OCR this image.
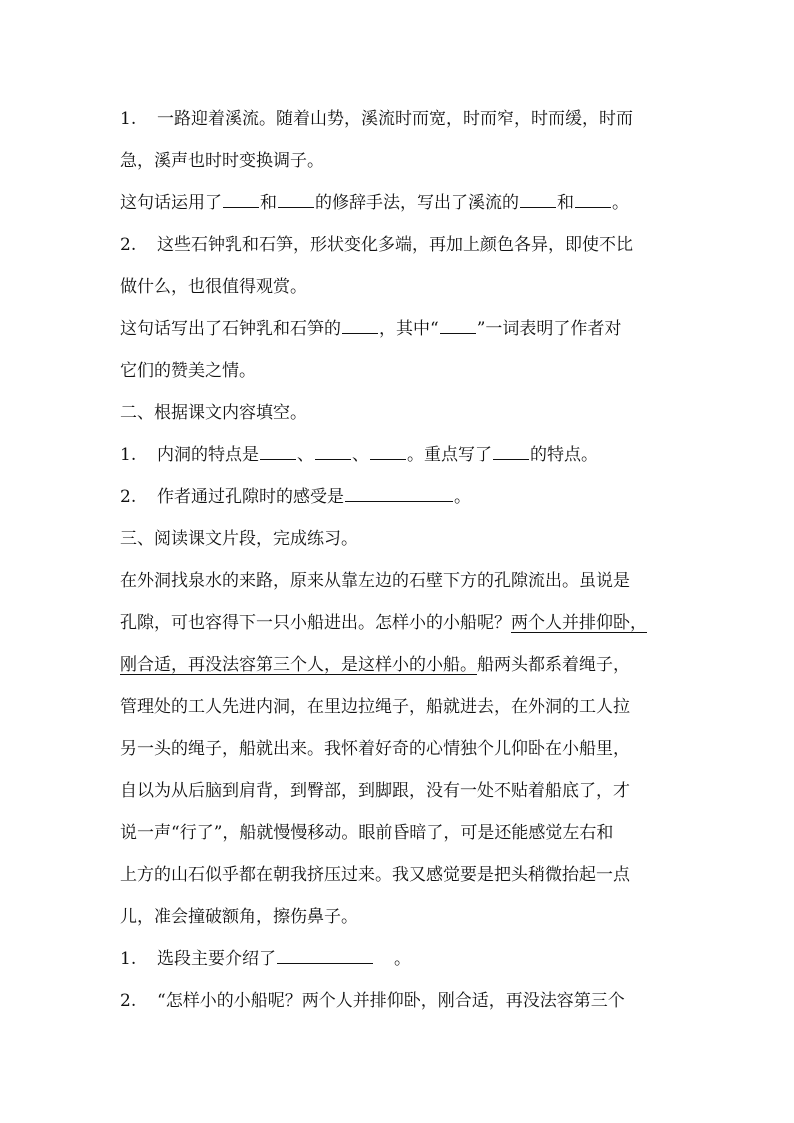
1. 一路迎着溪流。随着山势，溪流时而宽，时而窄，时而缓，时而
急，溪声也时时变换调子。
这句话运用了 和 的修辞手法，写出了溪流的 和 。
2. 这些石钟乳和石笋，形状变化多端，再加上颜色各异，即使不比
做什么，也很值得观赏。
这句话写出了石钟乳和石笋的 ，其中“ ”一词表明了作者对
它们的赞美之情。
二、根据课文内容填空。
1. 内洞的特点是 、 、 。重点写了 的特点。
2. 作者通过孔隙时的感受是	。
三、阅读课文片段，完成练习。
在外洞找泉水的来路，原来从靠左边的石壁下方的孔隙流出。虽说是
孔隙，可也容得下一只小船进出。怎样小的小船呢？两个人并排仰卧，
刚合适，再没法容第三个人，是这样小的小船。船两头都系着绳子，
管理处的工人先进内洞，在里边拉绳子，船就进去，在外洞的工人拉
另一头的绳子，船就出来。我怀着好奇的心情独个儿仰卧在小船里，
自以为从后脑到肩背，到臀部，到脚跟，没有一处不贴着船底了，才
说一声“行了”，船就慢慢移动。眼前昏暗了，可是还能感觉左右和
上方的山石似乎都在朝我挤压过来。我又感觉要是把头稍微抬起一点
儿，准会撞破额角，擦伤鼻子。
1. 选段主要介绍了	。
2. “怎样小的小船呢？两个人并排仰卧，刚合适，再没法容第三个
